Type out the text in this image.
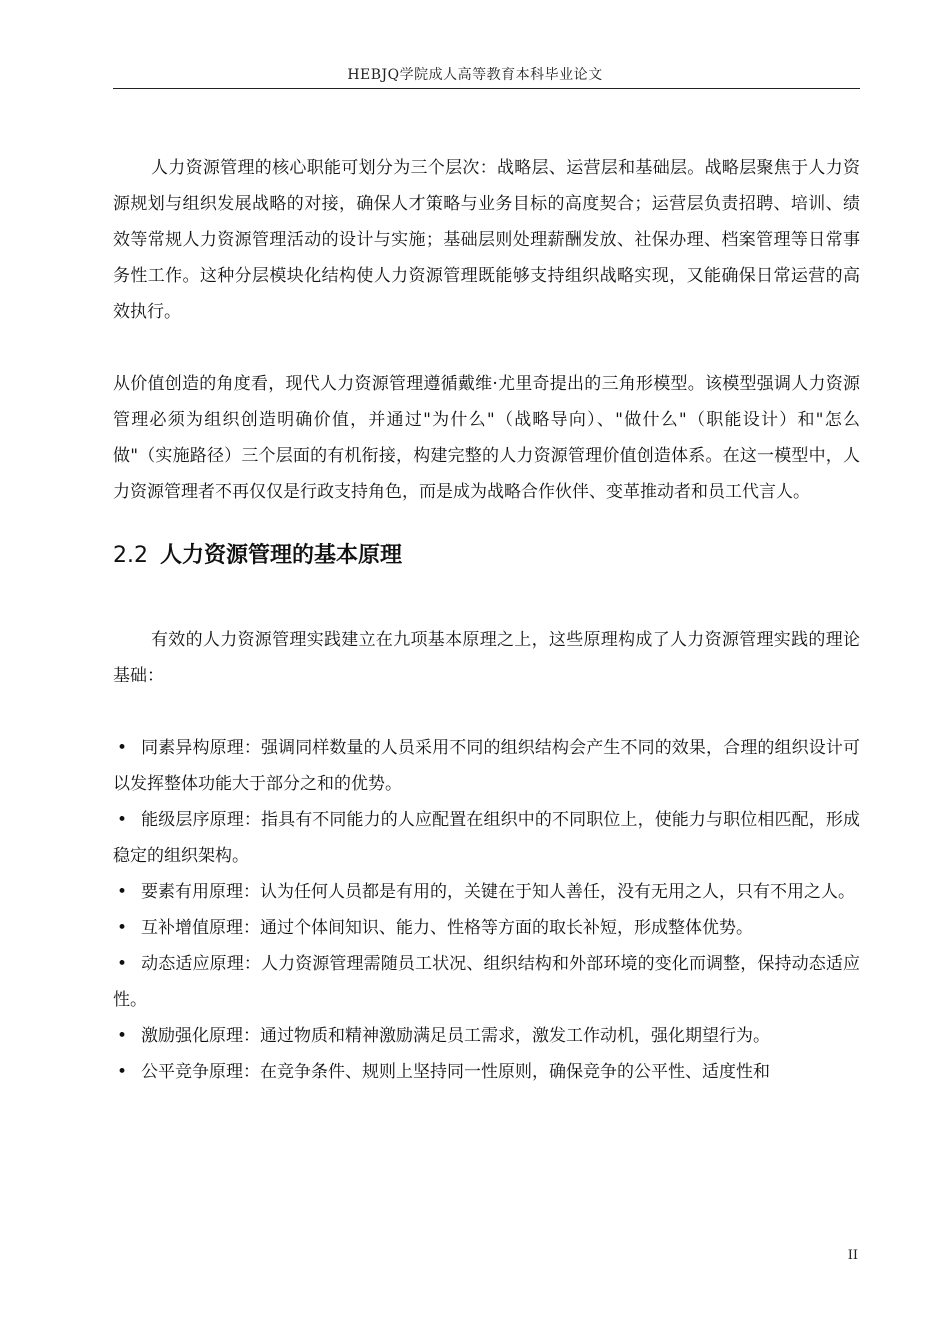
HEBJQ学院成人高等教育本科毕业论文

人力资源管理的核心职能可划分为三个层次：战略层、运营层和基础层。战略层聚焦于人力资源规划与组织发展战略的对接，确保人才策略与业务目标的高度契合；运营层负责招聘、培训、绩效等常规人力资源管理活动的设计与实施；基础层则处理薪酬发放、社保办理、档案管理等日常事务性工作。这种分层模块化结构使人力资源管理既能够支持组织战略实现，又能确保日常运营的高效执行。

从价值创造的角度看，现代人力资源管理遵循戴维·尤里奇提出的三角形模型。该模型强调人力资源管理必须为组织创造明确价值，并通过"为什么"（战略导向）、"做什么"（职能设计）和"怎么做"（实施路径）三个层面的有机衔接，构建完整的人力资源管理价值创造体系。在这一模型中，人力资源管理者不再仅仅是行政支持角色，而是成为战略合作伙伴、变革推动者和员工代言人。

2.2 人力资源管理的基本原理

有效的人力资源管理实践建立在九项基本原理之上，这些原理构成了人力资源管理实践的理论基础：

• 同素异构原理：强调同样数量的人员采用不同的组织结构会产生不同的效果，合理的组织设计可以发挥整体功能大于部分之和的优势。
• 能级层序原理：指具有不同能力的人应配置在组织中的不同职位上，使能力与职位相匹配，形成稳定的组织架构。
• 要素有用原理：认为任何人员都是有用的，关键在于知人善任，没有无用之人，只有不用之人。
• 互补增值原理：通过个体间知识、能力、性格等方面的取长补短，形成整体优势。
• 动态适应原理：人力资源管理需随员工状况、组织结构和外部环境的变化而调整，保持动态适应性。
• 激励强化原理：通过物质和精神激励满足员工需求，激发工作动机，强化期望行为。
• 公平竞争原理：在竞争条件、规则上坚持同一性原则，确保竞争的公平性、适度性和
II
